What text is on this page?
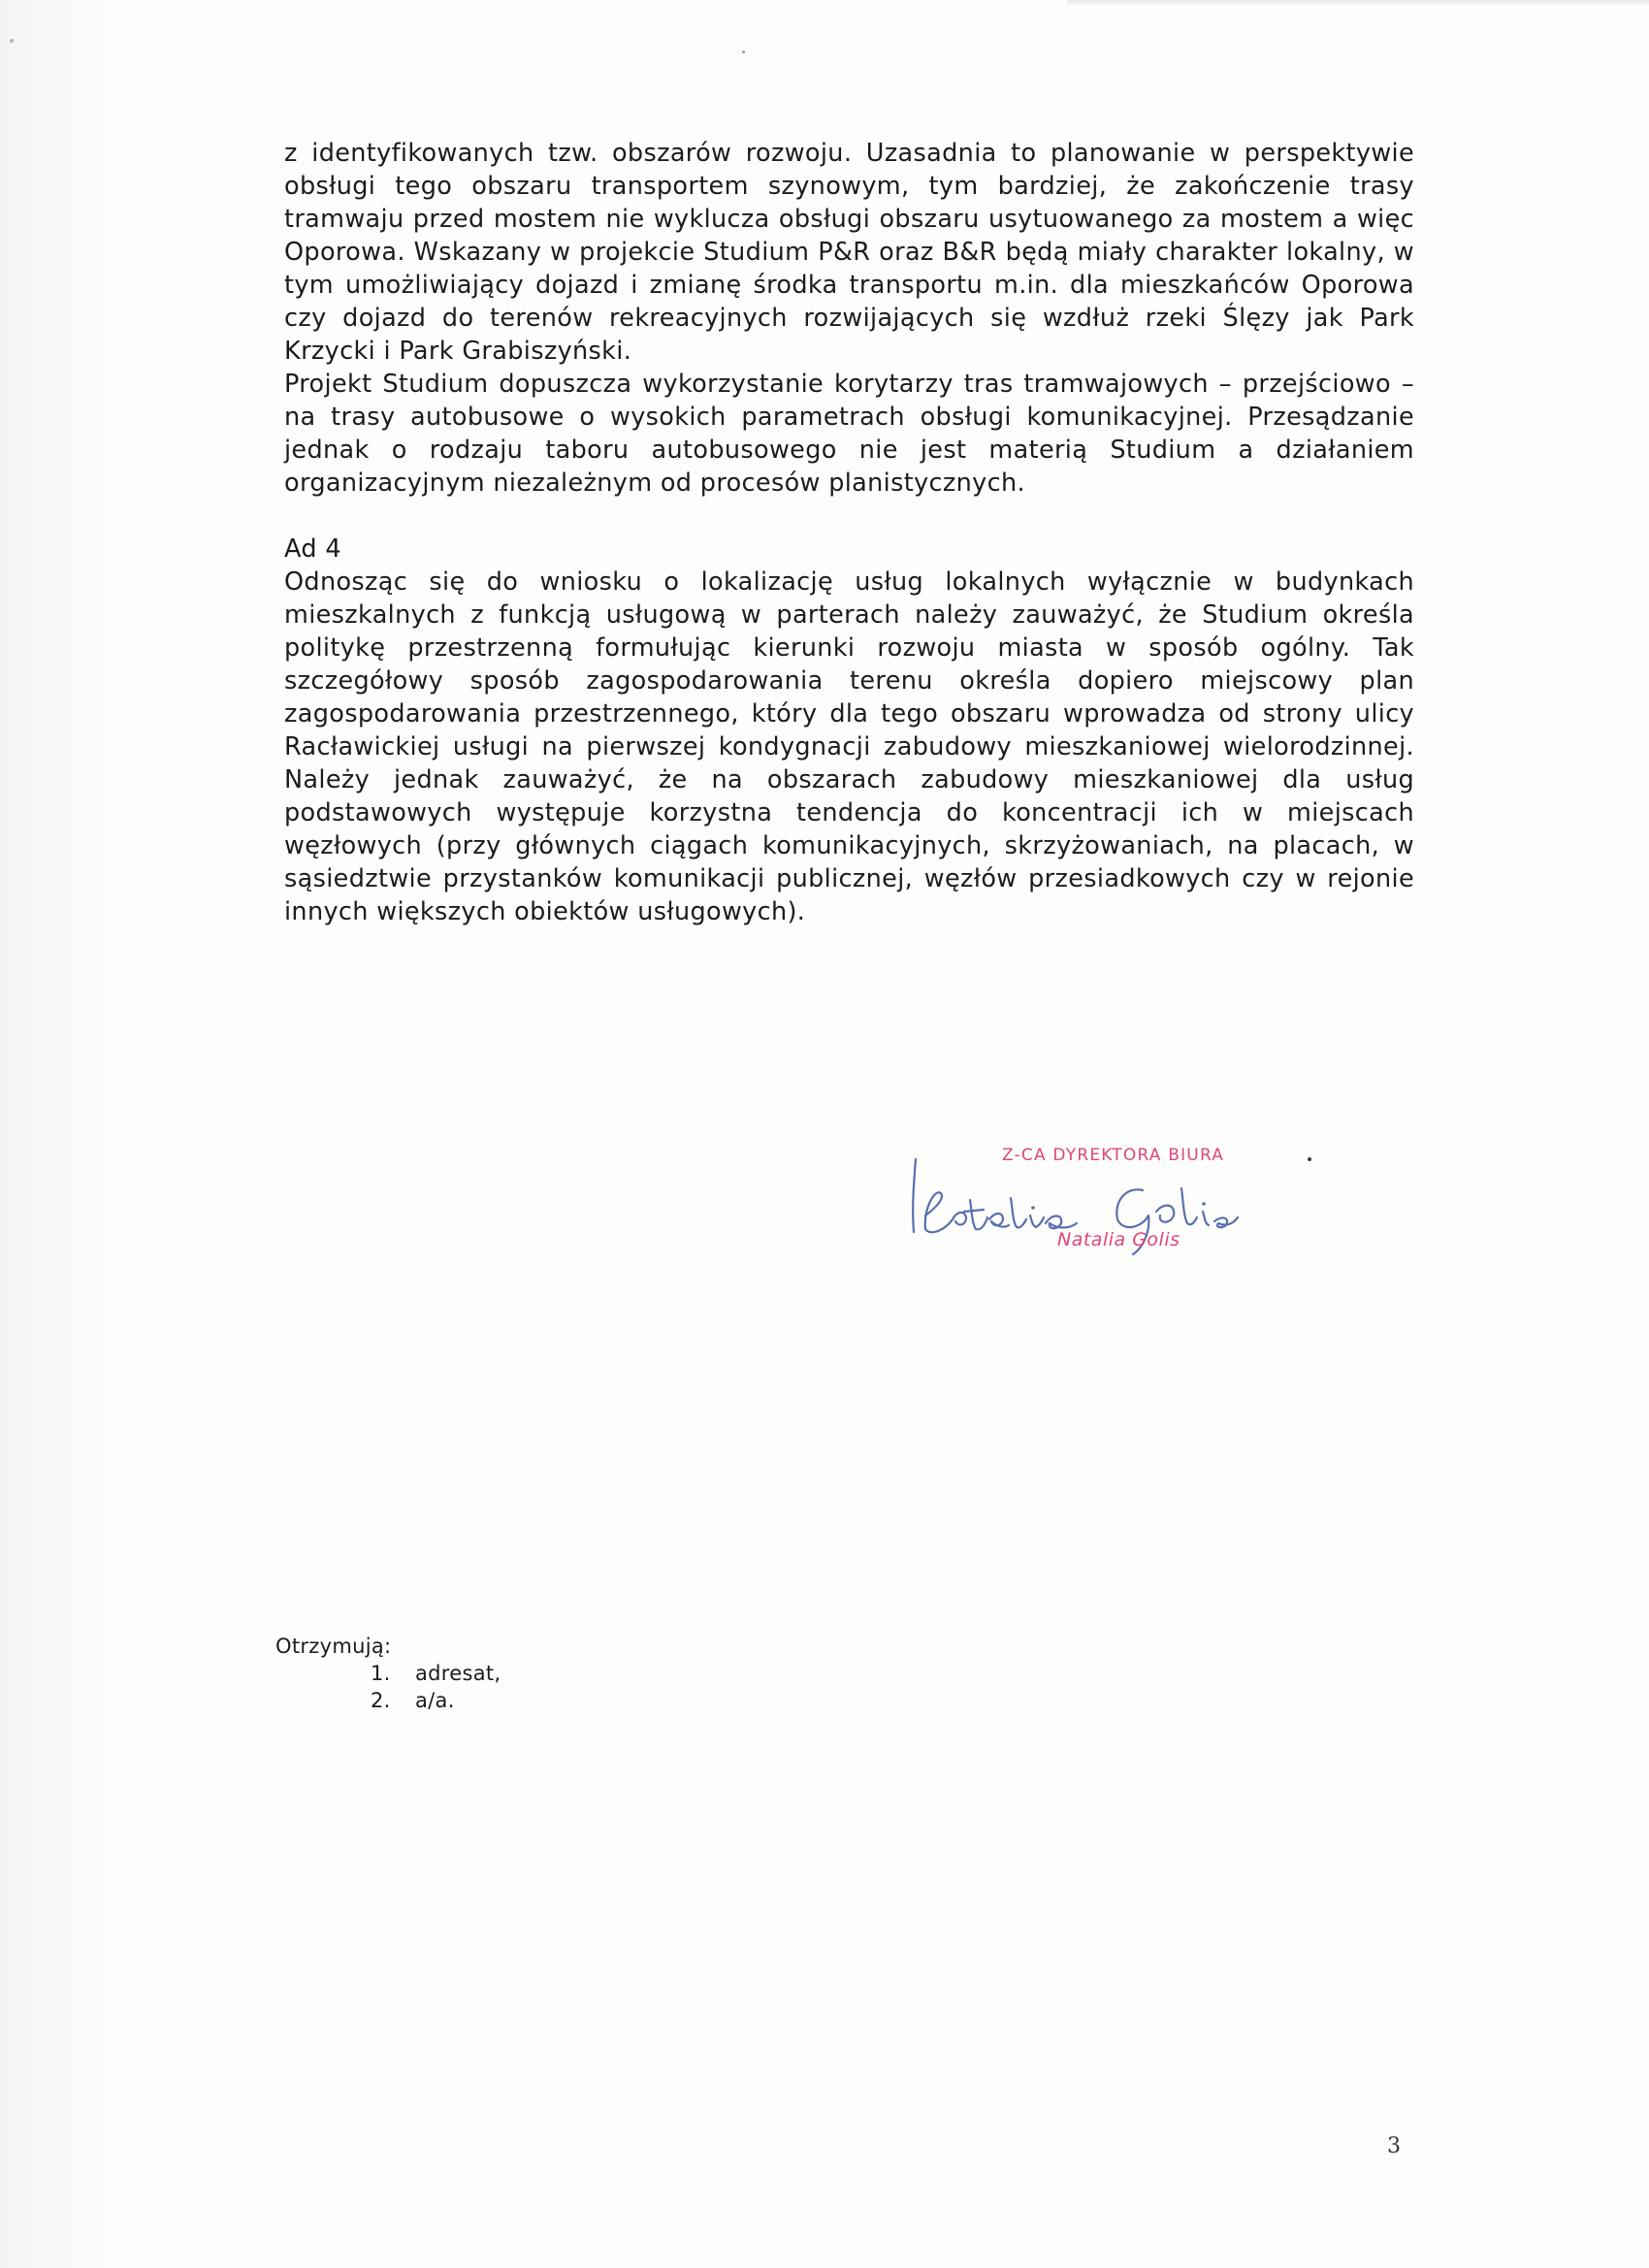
z identyfikowanych tzw. obszarów rozwoju. Uzasadnia to planowanie w perspektywie obsługi tego obszaru transportem szynowym, tym bardziej, że zakończenie trasy tramwaju przed mostem nie wyklucza obsługi obszaru usytuowanego za mostem a więc Oporowa. Wskazany w projekcie Studium P&R oraz B&R będą miały charakter lokalny, w tym umożliwiający dojazd i zmianę środka transportu m.in. dla mieszkańców Oporowa czy dojazd do terenów rekreacyjnych rozwijających się wzdłuż rzeki Ślęzy jak Park Krzycki i Park Grabiszyński.

Projekt Studium dopuszcza wykorzystanie korytarzy tras tramwajowych – przejściowo – na trasy autobusowe o wysokich parametrach obsługi komunikacyjnej. Przesądzanie jednak o rodzaju taboru autobusowego nie jest materią Studium a działaniem organizacyjnym niezależnym od procesów planistycznych.

Ad 4

Odnosząc się do wniosku o lokalizację usług lokalnych wyłącznie w budynkach mieszkalnych z funkcją usługową w parterach należy zauważyć, że Studium określa politykę przestrzenną formułując kierunki rozwoju miasta w sposób ogólny. Tak szczegółowy sposób zagospodarowania terenu określa dopiero miejscowy plan zagospodarowania przestrzennego, który dla tego obszaru wprowadza od strony ulicy Racławickiej usługi na pierwszej kondygnacji zabudowy mieszkaniowej wielorodzinnej. Należy jednak zauważyć, że na obszarach zabudowy mieszkaniowej dla usług podstawowych występuje korzystna tendencja do koncentracji ich w miejscach węzłowych (przy głównych ciągach komunikacyjnych, skrzyżowaniach, na placach, w sąsiedztwie przystanków komunikacji publicznej, węzłów przesiadkowych czy w rejonie innych większych obiektów usługowych).

Z-CA DYREKTORA BIURA
Natalia Golis
Otrzymują:
1.	adresat,
2.	a/a.
3
